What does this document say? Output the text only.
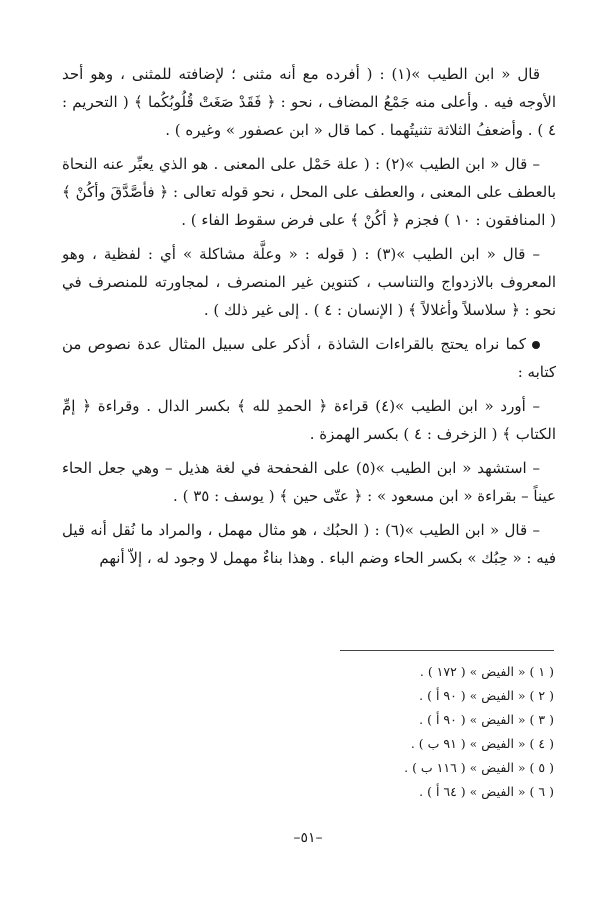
قال « ابن الطيب »(١) : ( أفرده مع أنه مثنى ؛ لإضافته للمثنى ، وهو أحد الأوجه فيه . وأعلى منه جَمْعُ المضاف ، نحو : ﴿ فَقَدْ صَغَتْ قُلُوبُكُما ﴾ ( التحريم : ٤ ) . وأضعفُ الثلاثة تثنيتُهما . كما قال « ابن عصفور » وغيره ) .

– قال « ابن الطيب »(٢) : ( علة حَمْل على المعنى . هو الذي يعبِّر عنه النحاة بالعطف على المعنى ، والعطف على المحل ، نحو قوله تعالى : ﴿ فأصَّدَّقَ وأكُنْ ﴾ ( المنافقون : ١٠ ) فجزم ﴿ أكُنْ ﴾ على فرض سقوط الفاء ) .

– قال « ابن الطيب »(٣) : ( قوله : « وعلَّة مشاكلة » أي : لفظية ، وهو المعروف بالازدواج والتناسب ، كتنوين غير المنصرف ، لمجاورته للمنصرف في نحو : ﴿ سلاسلاً وأغلالاً ﴾ ( الإنسان : ٤ ) . إلى غير ذلك ) .

كما نراه يحتج بالقراءات الشاذة ، أذكر على سبيل المثال عدة نصوص من كتابه :

– أورد « ابن الطيب »(٤) قراءة ﴿ الحمدِ لله ﴾ بكسر الدال . وقراءة ﴿ إمِّ الكتاب ﴾ ( الزخرف : ٤ ) بكسر الهمزة .

– استشهد « ابن الطيب »(٥) على الفحفحة في لغة هذيل – وهي جعل الحاء عيناً – بقراءة « ابن مسعود » : ﴿ عتّى حين ﴾ ( يوسف : ٣٥ ) .

– قال « ابن الطيب »(٦) : ( الحبُك ، هو مثال مهمل ، والمراد ما نُقل أنه قيل فيه : « حِبُك » بكسر الحاء وضم الباء . وهذا بناءٌ مهمل لا وجود له ، إلاّ أنهم

( ١ ) « الفيض » ( ١٧٢ ) .
( ٢ ) « الفيض » ( ٩٠ أ ) .
( ٣ ) « الفيض » ( ٩٠ أ ) .
( ٤ ) « الفيض » ( ٩١ ب ) .
( ٥ ) « الفيض » ( ١١٦ ب ) .
( ٦ ) « الفيض » ( ٦٤ أ ) .
–٥١–
